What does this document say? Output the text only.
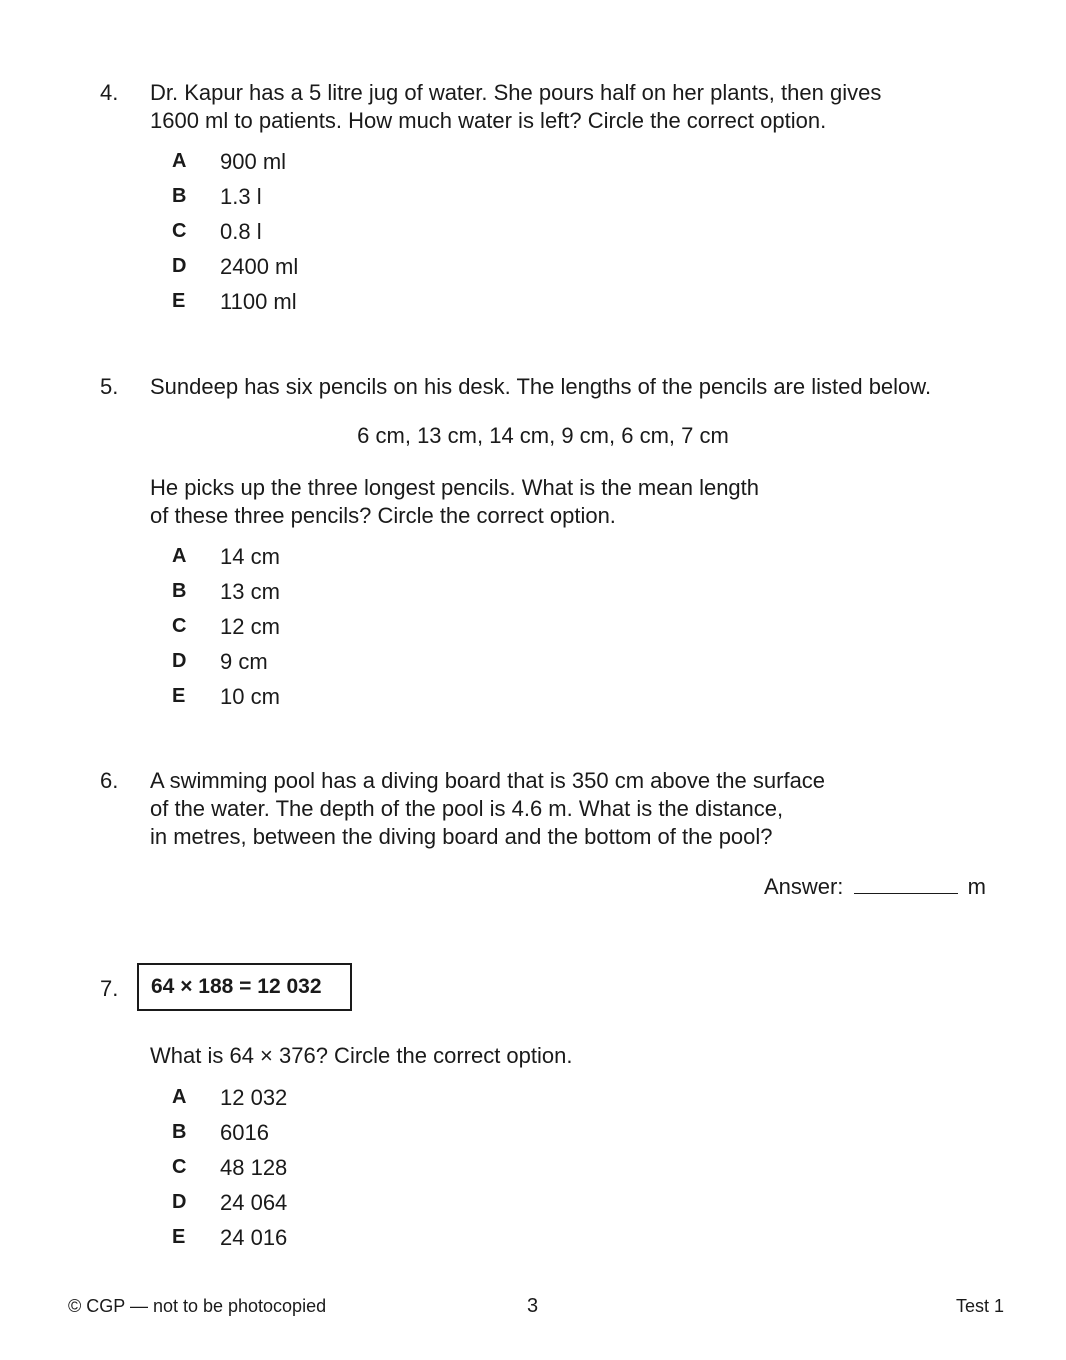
4. Dr. Kapur has a 5 litre jug of water. She pours half on her plants, then gives
1600 ml to patients. How much water is left? Circle the correct option.
A	900 ml
B	1.3 l
C	0.8 l
D	2400 ml
E	1100 ml
5. Sundeep has six pencils on his desk. The lengths of the pencils are listed below.
6 cm, 13 cm, 14 cm, 9 cm, 6 cm, 7 cm
He picks up the three longest pencils. What is the mean length
of these three pencils? Circle the correct option.
A	14 cm
B	13 cm
C	12 cm
D	9 cm
E	10 cm
6. A swimming pool has a diving board that is 350 cm above the surface
of the water. The depth of the pool is 4.6 m. What is the distance,
in metres, between the diving board and the bottom of the pool?
Answer:	m
7.	64 × 188 = 12 032
What is 64 × 376? Circle the correct option.
A	12 032
B	6016
C	48 128
D	24 064
E	24 016
© CGP — not to be photocopied	3	Test 1
